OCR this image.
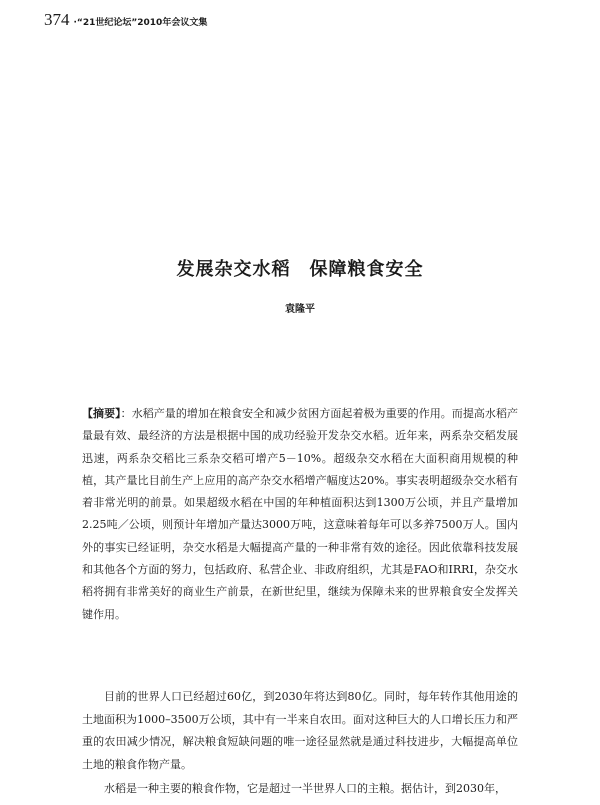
374 ·“21世纪论坛”2010年会议文集
发展杂交水稻　保障粮食安全
袁隆平

【摘要】：水稻产量的增加在粮食安全和减少贫困方面起着极为重要的作用。而提高水稻产量最有效、最经济的方法是根据中国的成功经验开发杂交水稻。近年来，两系杂交稻发展迅速，两系杂交稻比三系杂交稻可增产5－10%。超级杂交水稻在大面积商用规模的种植，其产量比目前生产上应用的高产杂交水稻增产幅度达20%。事实表明超级杂交水稻有着非常光明的前景。如果超级水稻在中国的年种植面积达到1300万公顷，并且产量增加2.25吨／公顷，则预计年增加产量达3000万吨，这意味着每年可以多养7500万人。国内外的事实已经证明，杂交水稻是大幅提高产量的一种非常有效的途径。因此依靠科技发展和其他各个方面的努力，包括政府、私营企业、非政府组织，尤其是FAO和IRRI，杂交水稻将拥有非常美好的商业生产前景，在新世纪里，继续为保障未来的世界粮食安全发挥关键作用。

目前的世界人口已经超过60亿，到2030年将达到80亿。同时，每年转作其他用途的土地面积为1000–3500万公顷，其中有一半来自农田。面对这种巨大的人口增长压力和严重的农田减少情况，解决粮食短缺问题的唯一途径显然就是通过科技进步，大幅提高单位土地的粮食作物产量。

水稻是一种主要的粮食作物，它是超过一半世界人口的主粮。据估计，到2030年，
